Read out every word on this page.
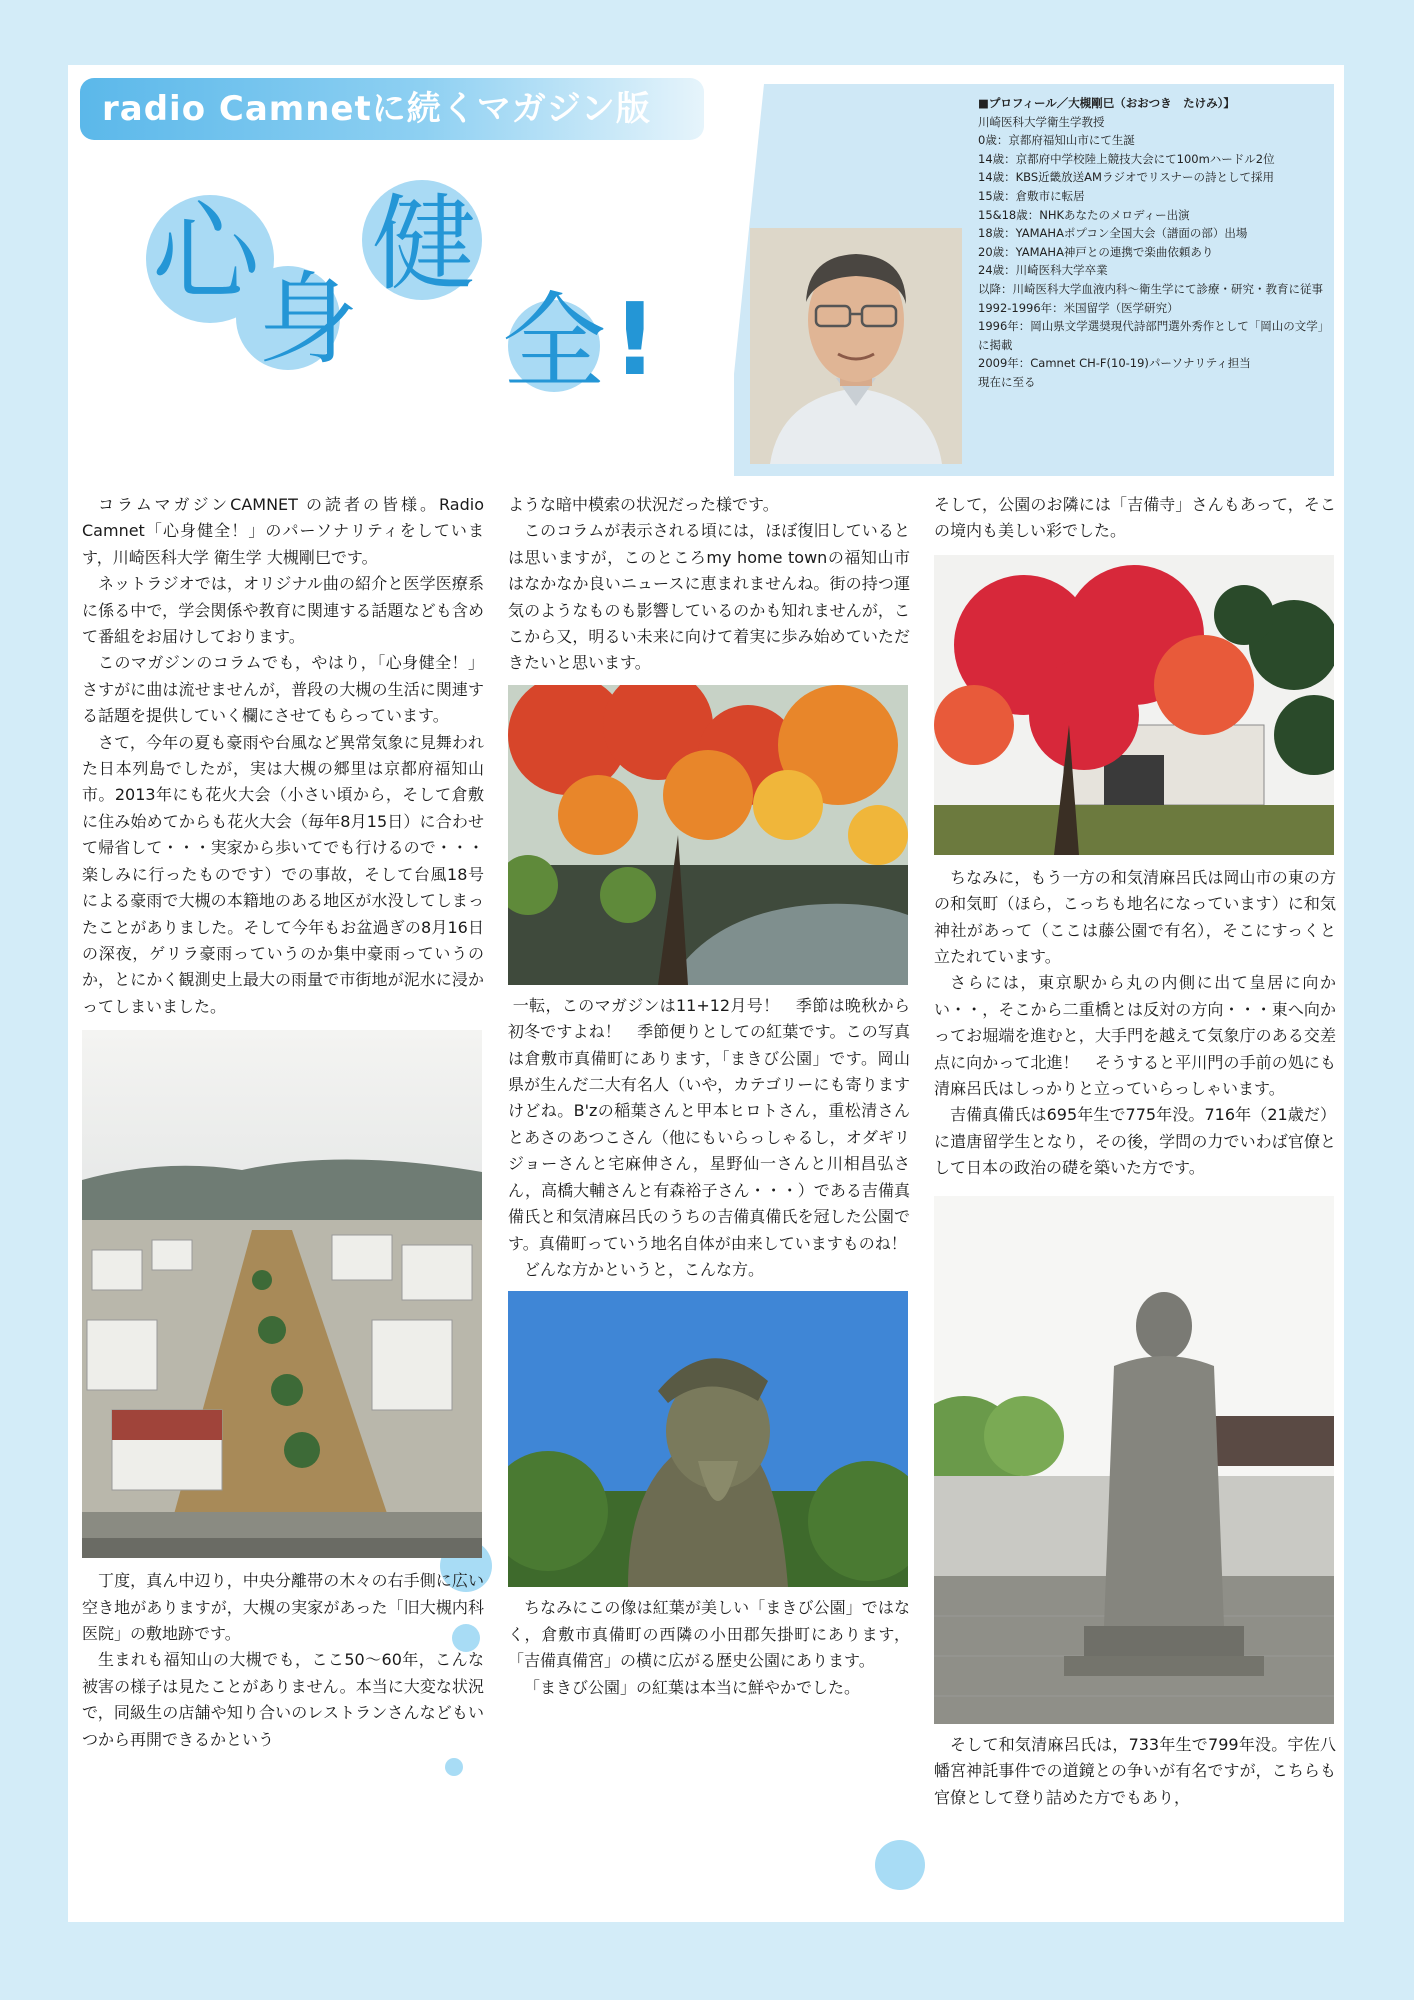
radio Camnetに続くマガジン版
心
身
健
全 !
■プロフィール／大槻剛巳（おおつき　たけみ）】
川崎医科大学衛生学教授
0歳：京都府福知山市にて生誕
14歳：京都府中学校陸上競技大会にて100mハードル2位
14歳：KBS近畿放送AMラジオでリスナーの詩として採用
15歳：倉敷市に転居
15&18歳：NHKあなたのメロディー出演
18歳：YAMAHAポプコン全国大会（譜面の部）出場
20歳：YAMAHA神戸との連携で楽曲依頼あり
24歳：川崎医科大学卒業
以降：川崎医科大学血液内科～衛生学にて診療・研究・教育に従事
1992-1996年：米国留学（医学研究）
1996年：岡山県文学選奨現代詩部門選外秀作として「岡山の文学」に掲載
2009年：Camnet CH-F(10-19)パーソナリティ担当
現在に至る

コラムマガジンCAMNET の読者の皆様。Radio Camnet「心身健全！」のパーソナリティをしています，川崎医科大学 衛生学 大槻剛巳です。

ネットラジオでは，オリジナル曲の紹介と医学医療系に係る中で，学会関係や教育に関連する話題なども含めて番組をお届けしております。

このマガジンのコラムでも，やはり，「心身健全！」さすがに曲は流せませんが，普段の大槻の生活に関連する話題を提供していく欄にさせてもらっています。

さて，今年の夏も豪雨や台風など異常気象に見舞われた日本列島でしたが，実は大槻の郷里は京都府福知山市。2013年にも花火大会（小さい頃から，そして倉敷に住み始めてからも花火大会（毎年8月15日）に合わせて帰省して・・・実家から歩いてでも行けるので・・・楽しみに行ったものです）での事故，そして台風18号による豪雨で大槻の本籍地のある地区が水没してしまったことがありました。そして今年もお盆過ぎの8月16日の深夜，ゲリラ豪雨っていうのか集中豪雨っていうのか，とにかく観測史上最大の雨量で市街地が泥水に浸かってしまいました。

丁度，真ん中辺り，中央分離帯の木々の右手側に広い空き地がありますが，大槻の実家があった「旧大槻内科医院」の敷地跡です。

生まれも福知山の大槻でも，ここ50～60年，こんな被害の様子は見たことがありません。本当に大変な状況で，同級生の店舗や知り合いのレストランさんなどもいつから再開できるかという

ような暗中模索の状況だった様です。

このコラムが表示される頃には，ほぼ復旧しているとは思いますが，このところmy home townの福知山市はなかなか良いニュースに恵まれませんね。街の持つ運気のようなものも影響しているのかも知れませんが，ここから又，明るい未来に向けて着実に歩み始めていただきたいと思います。

一転，このマガジンは11+12月号！　季節は晩秋から初冬ですよね！　季節便りとしての紅葉です。この写真は倉敷市真備町にあります，「まきび公園」です。岡山県が生んだ二大有名人（いや，カテゴリーにも寄りますけどね。B'zの稲葉さんと甲本ヒロトさん，重松清さんとあさのあつこさん（他にもいらっしゃるし，オダギリジョーさんと宅麻伸さん，星野仙一さんと川相昌弘さん，高橋大輔さんと有森裕子さん・・・）である吉備真備氏と和気清麻呂氏のうちの吉備真備氏を冠した公園です。真備町っていう地名自体が由来していますものね！

どんな方かというと，こんな方。

ちなみにこの像は紅葉が美しい「まきび公園」ではなく，倉敷市真備町の西隣の小田郡矢掛町にあります，「吉備真備宮」の横に広がる歴史公園にあります。

「まきび公園」の紅葉は本当に鮮やかでした。

そして，公園のお隣には「吉備寺」さんもあって，そこの境内も美しい彩でした。

ちなみに，もう一方の和気清麻呂氏は岡山市の東の方の和気町（ほら，こっちも地名になっています）に和気神社があって（ここは藤公園で有名），そこにすっくと立たれています。

さらには，東京駅から丸の内側に出て皇居に向かい・・，そこから二重橋とは反対の方向・・・東へ向かってお堀端を進むと，大手門を越えて気象庁のある交差点に向かって北進！　そうすると平川門の手前の処にも清麻呂氏はしっかりと立っていらっしゃいます。

吉備真備氏は695年生で775年没。716年（21歳だ）に遣唐留学生となり，その後，学問の力でいわば官僚として日本の政治の礎を築いた方です。

そして和気清麻呂氏は，733年生で799年没。宇佐八幡宮神託事件での道鏡との争いが有名ですが，こちらも官僚として登り詰めた方でもあり，
